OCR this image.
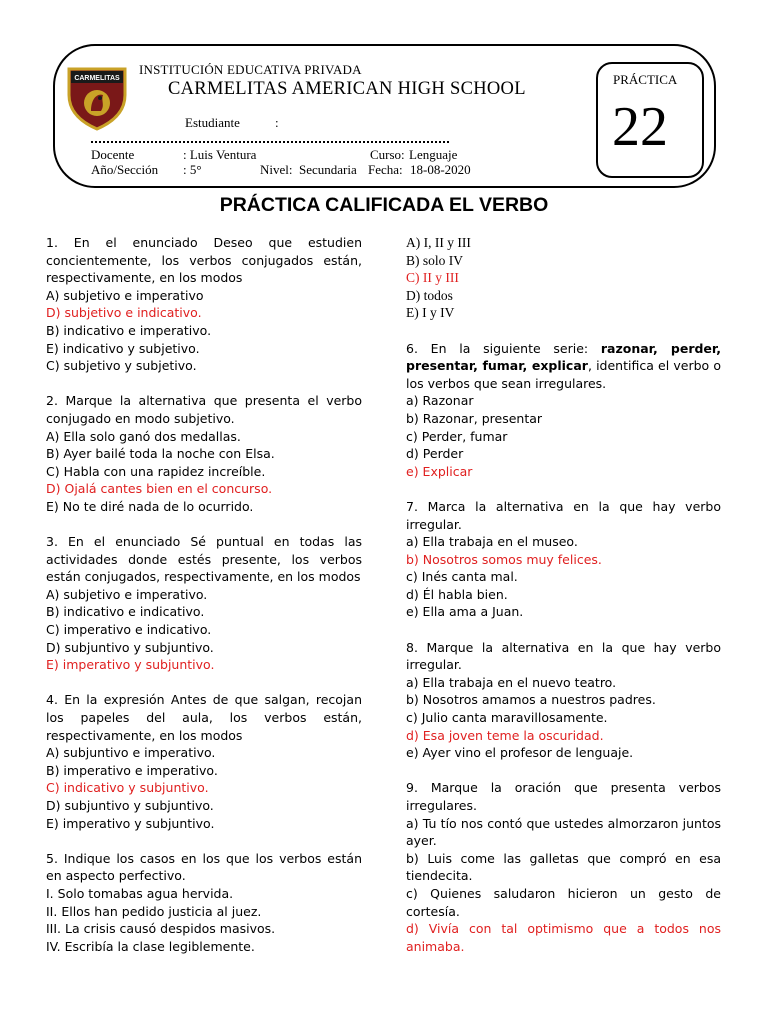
CARMELITAS
INSTITUCIÓN EDUCATIVA PRIVADA
CARMELITAS AMERICAN HIGH SCHOOL
Estudiante	:
Docente	: Luis Ventura	Curso: Lenguaje
Año/Sección : 5°	Nivel: Secundaria Fecha: 18-08-2020
PRÁCTICA
22
PRÁCTICA CALIFICADA EL VERBO
1. En el enunciado Deseo que estudien concientemente, los verbos conjugados están, respectivamente, en los modos
A) subjetivo e imperativo
D) subjetivo e indicativo.
B) indicativo e imperativo.
E) indicativo y subjetivo.
C) subjetivo y subjetivo.
2. Marque la alternativa que presenta el verbo conjugado en modo subjetivo.
A) Ella solo ganó dos medallas.
B) Ayer bailé toda la noche con Elsa.
C) Habla con una rapidez increíble.
D) Ojalá cantes bien en el concurso.
E) No te diré nada de lo ocurrido.
3. En el enunciado Sé puntual en todas las actividades donde estés presente, los verbos están conjugados, respectivamente, en los modos
A) subjetivo e imperativo.
B) indicativo e indicativo.
C) imperativo e indicativo.
D) subjuntivo y subjuntivo.
E) imperativo y subjuntivo.
4. En la expresión Antes de que salgan, recojan los papeles del aula, los verbos están, respectivamente, en los modos
A) subjuntivo e imperativo.
B) imperativo e imperativo.
C) indicativo y subjuntivo.
D) subjuntivo y subjuntivo.
E) imperativo y subjuntivo.
5. Indique los casos en los que los verbos están en aspecto perfectivo.
I. Solo tomabas agua hervida.
II. Ellos han pedido justicia al juez.
III. La crisis causó despidos masivos.
IV. Escribía la clase legiblemente.
A) I, II y III
B) solo IV
C) II y III
D) todos
E) I y IV
6. En la siguiente serie: razonar, perder, presentar, fumar, explicar, identifica el verbo o los verbos que sean irregulares.
a) Razonar
b) Razonar, presentar
c) Perder, fumar
d) Perder
e) Explicar
7. Marca la alternativa en la que hay verbo irregular.
a) Ella trabaja en el museo.
b) Nosotros somos muy felices.
c) Inés canta mal.
d) Él habla bien.
e) Ella ama a Juan.
8. Marque la alternativa en la que hay verbo irregular.
a) Ella trabaja en el nuevo teatro.
b) Nosotros amamos a nuestros padres.
c) Julio canta maravillosamente.
d) Esa joven teme la oscuridad.
e) Ayer vino el profesor de lenguaje.
9. Marque la oración que presenta verbos irregulares.
a) Tu tío nos contó que ustedes almorzaron juntos ayer.
b) Luis come las galletas que compró en esa tiendecita.
c) Quienes saludaron hicieron un gesto de cortesía.
d) Vivía con tal optimismo que a todos nos animaba.
